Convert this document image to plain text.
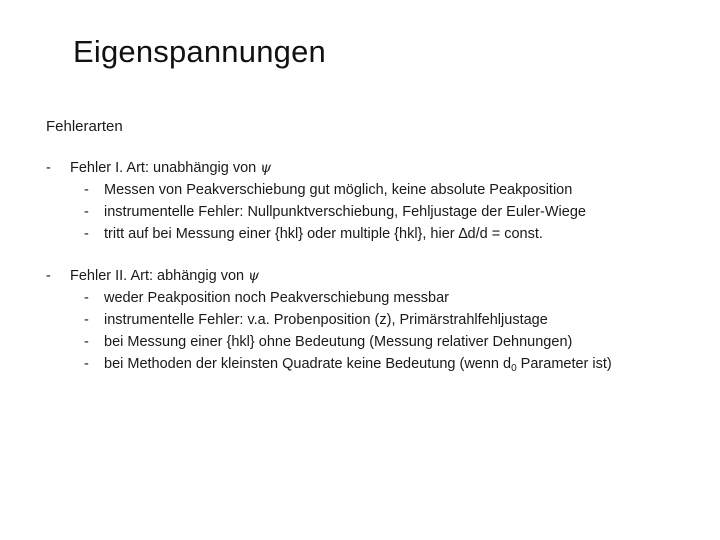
Eigenspannungen
Fehlerarten
-	Fehler I. Art: unabhängig von ψ
-	Messen von Peakverschiebung gut möglich, keine absolute Peakposition
-	instrumentelle Fehler: Nullpunktverschiebung, Fehljustage der Euler-Wiege
-	tritt auf bei Messung einer {hkl} oder multiple {hkl}, hier ∆d/d = const.
-	Fehler II. Art: abhängig von ψ
-	weder Peakposition noch Peakverschiebung messbar
-	instrumentelle Fehler: v.a. Probenposition (z), Primärstrahlfehljustage
-	bei Messung einer {hkl} ohne Bedeutung (Messung relativer Dehnungen)
-	bei Methoden der kleinsten Quadrate keine Bedeutung (wenn $d_0$ Parameter ist)
